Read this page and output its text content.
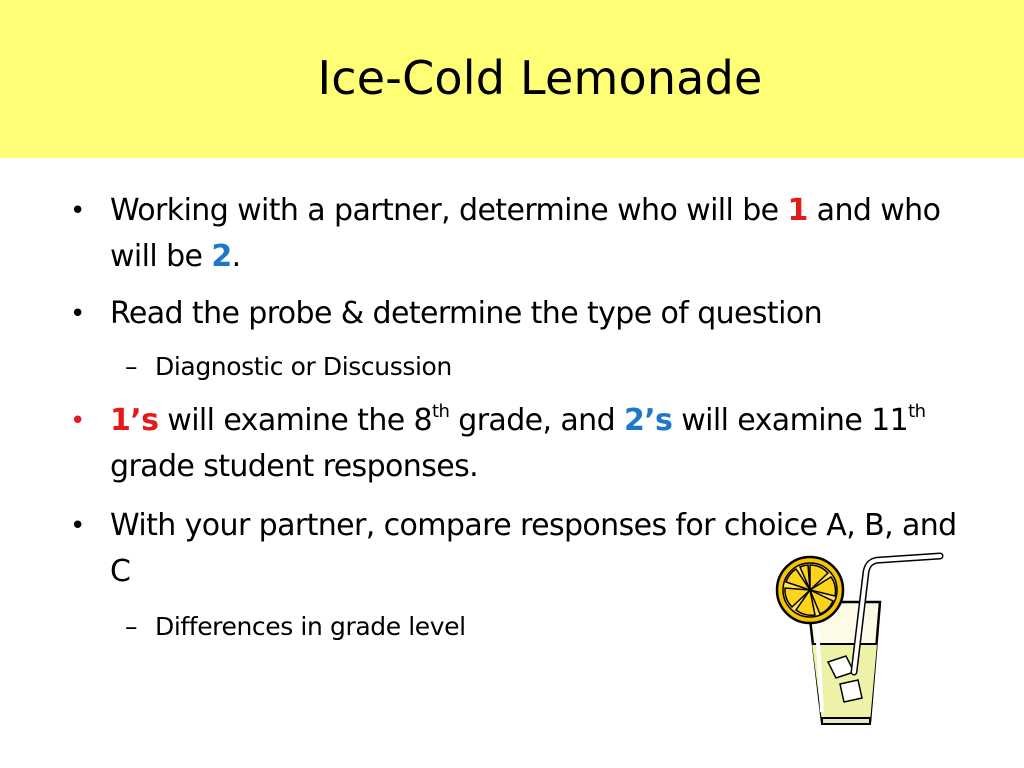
Ice-Cold Lemonade
• Working with a partner, determine who will be 1 and who will be 2.
• Read the probe & determine the type of question
– Diagnostic or Discussion
• 1’s will examine the 8th grade, and 2’s will examine 11th grade student responses.
• With your partner, compare responses for choice A, B, and C
– Differences in grade level
